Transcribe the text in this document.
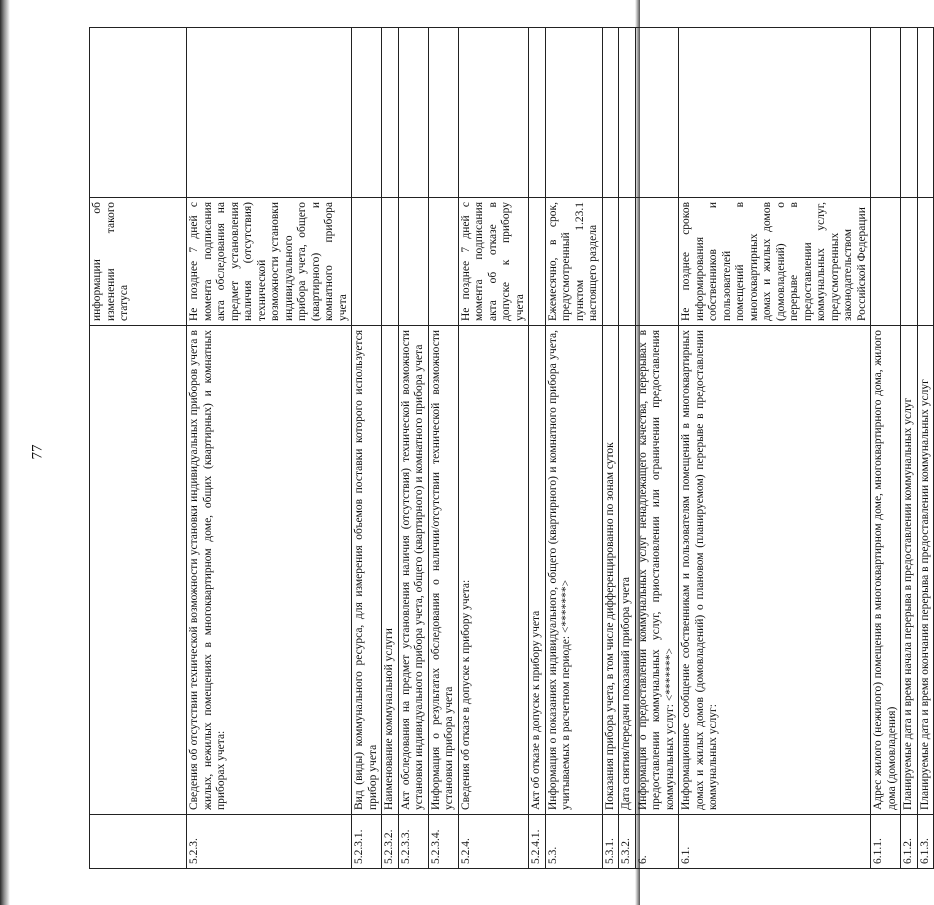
77
		информации об изменении такого статуса	
5.2.3.	Сведения об отсутствии технической возможности установки индивидуальных приборов учета в жилых, нежилых помещениях в многоквартирном доме, общих (квартирных) и комнатных приборах учета:	Не позднее 7 дней с момента подписания акта обследования на предмет установления наличия (отсутствия) технической возможности установки индивидуального прибора учета, общего (квартирного) и комнатного прибора учета	
5.2.3.1.	Вид (виды) коммунального ресурса, для измерения объемов поставки которого используется прибор учета		
5.2.3.2.	Наименование коммунальной услуги		
5.2.3.3.	Акт обследования на предмет установления наличия (отсутствия) технической возможности установки индивидуального прибора учета, общего (квартирного) и комнатного прибора учета		
5.2.3.4.	Информация о результатах обследования о наличии/отсутствии технической возможности установки прибора учета		
5.2.4.	Сведения об отказе в допуске к прибору учета:	Не позднее 7 дней с момента подписания акта об отказе в допуске к прибору учета	
5.2.4.1.	Акт об отказе в допуске к прибору учета		
5.3.	Информация о показаниях индивидуального, общего (квартирного) и комнатного прибора учета, учитываемых в расчетном периоде: <*******>	Ежемесячно, в срок, предусмотренный пунктом 1.23.1 настоящего раздела	
5.3.1.	Показания прибора учета, в том числе дифференцированно по зонам суток		
5.3.2.	Дата снятия/передачи показаний прибора учета		
6.	Информация о предоставлении коммунальных услуг ненадлежащего качества, перерывах в предоставлении коммунальных услуг, приостановлении или ограничении предоставления коммунальных услуг: <*******>		
6.1.	Информационное сообщение собственникам и пользователям помещений в многоквартирных домах и жилых домов (домовладений) о плановом (планируемом) перерыве в предоставлении коммунальных услуг:	Не позднее сроков информирования собственников и пользователей помещений в многоквартирных домах и жилых домов (домовладений) о перерыве в предоставлении коммунальных услуг, предусмотренных законодательством Российской Федерации	
6.1.1.	Адрес жилого (нежилого) помещения в многоквартирном доме, многоквартирного дома, жилого дома (домовладения)		
6.1.2.	Планируемые дата и время начала перерыва в предоставлении коммунальных услуг		
6.1.3.	Планируемые дата и время окончания перерыва в предоставлении коммунальных услуг		
